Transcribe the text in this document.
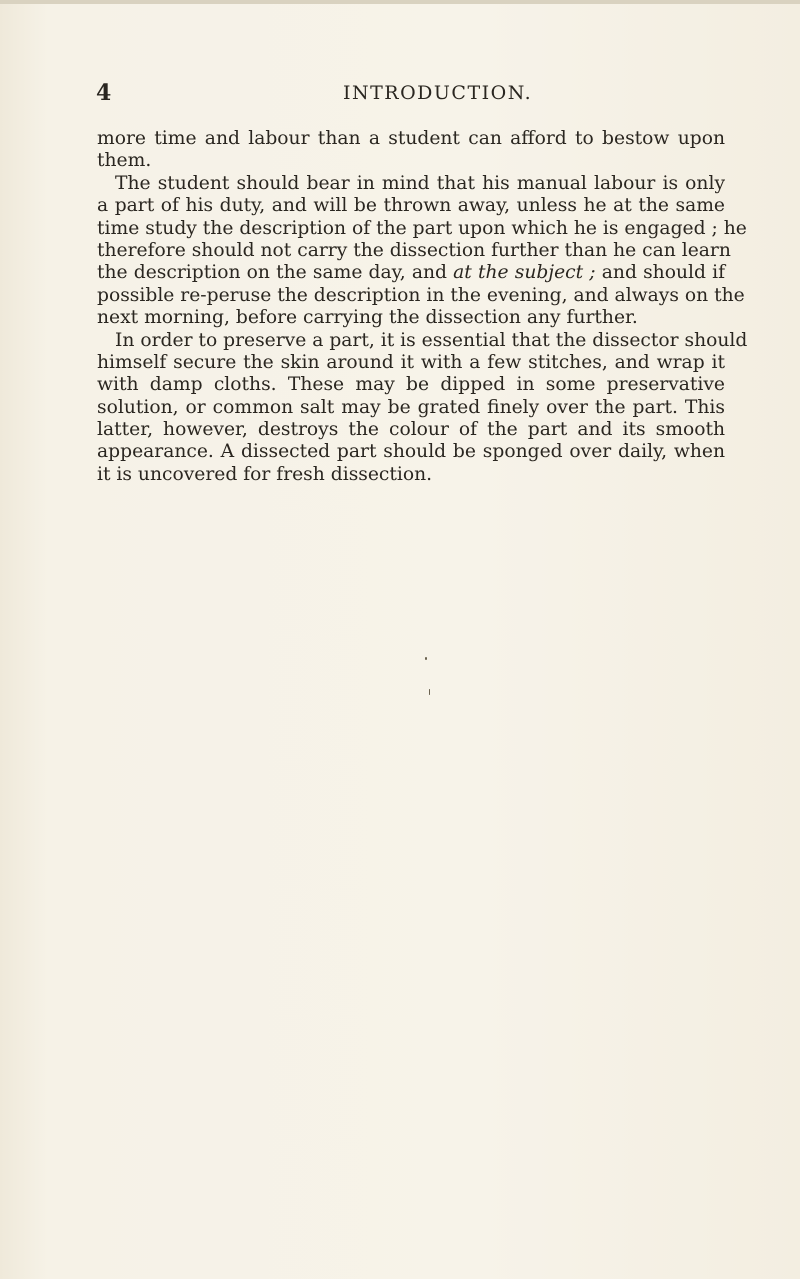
4	INTRODUCTION.
more time and labour than a student can afford to bestow upon
them.
The student should bear in mind that his manual labour is only
a part of his duty, and will be thrown away, unless he at the same
time study the description of the part upon which he is engaged ; he
therefore should not carry the dissection further than he can learn
the description on the same day, and at the subject ; and should if
possible re-peruse the description in the evening, and always on the
next morning, before carrying the dissection any further.
In order to preserve a part, it is essential that the dissector should
himself secure the skin around it with a few stitches, and wrap it
with damp cloths. These may be dipped in some preservative
solution, or common salt may be grated finely over the part. This
latter, however, destroys the colour of the part and its smooth
appearance. A dissected part should be sponged over daily, when
it is uncovered for fresh dissection.
